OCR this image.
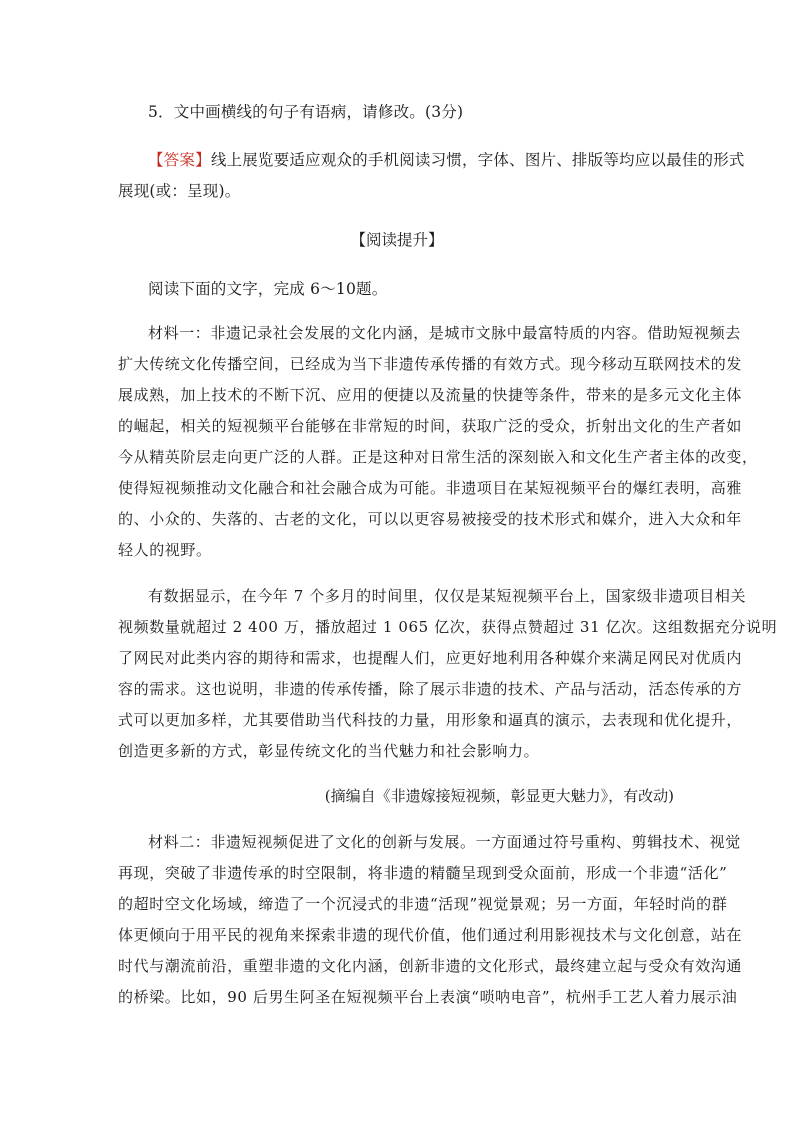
5．文中画横线的句子有语病，请修改。(3分)
【答案】线上展览要适应观众的手机阅读习惯，字体、图片、排版等均应以最佳的形式
展现(或：呈现)。
【阅读提升】
阅读下面的文字，完成 6～10题。
材料一：非遗记录社会发展的文化内涵，是城市文脉中最富特质的内容。借助短视频去
扩大传统文化传播空间，已经成为当下非遗传承传播的有效方式。现今移动互联网技术的发
展成熟，加上技术的不断下沉、应用的便捷以及流量的快捷等条件，带来的是多元文化主体
的崛起，相关的短视频平台能够在非常短的时间，获取广泛的受众，折射出文化的生产者如
今从精英阶层走向更广泛的人群。正是这种对日常生活的深刻嵌入和文化生产者主体的改变，
使得短视频推动文化融合和社会融合成为可能。非遗项目在某短视频平台的爆红表明，高雅
的、小众的、失落的、古老的文化，可以以更容易被接受的技术形式和媒介，进入大众和年
轻人的视野。
有数据显示，在今年 7 个多月的时间里，仅仅是某短视频平台上，国家级非遗项目相关
视频数量就超过 2 400 万，播放超过 1 065 亿次，获得点赞超过 31 亿次。这组数据充分说明
了网民对此类内容的期待和需求，也提醒人们，应更好地利用各种媒介来满足网民对优质内
容的需求。这也说明，非遗的传承传播，除了展示非遗的技术、产品与活动，活态传承的方
式可以更加多样，尤其要借助当代科技的力量，用形象和逼真的演示，去表现和优化提升，
创造更多新的方式，彰显传统文化的当代魅力和社会影响力。
(摘编自《非遗嫁接短视频，彰显更大魅力》，有改动)
材料二：非遗短视频促进了文化的创新与发展。一方面通过符号重构、剪辑技术、视觉
再现，突破了非遗传承的时空限制，将非遗的精髓呈现到受众面前，形成一个非遗“活化”
的超时空文化场域，缔造了一个沉浸式的非遗“活现”视觉景观；另一方面，年轻时尚的群
体更倾向于用平民的视角来探索非遗的现代价值，他们通过利用影视技术与文化创意，站在
时代与潮流前沿，重塑非遗的文化内涵，创新非遗的文化形式，最终建立起与受众有效沟通
的桥梁。比如，90 后男生阿圣在短视频平台上表演“唢呐电音”，杭州手工艺人着力展示油
